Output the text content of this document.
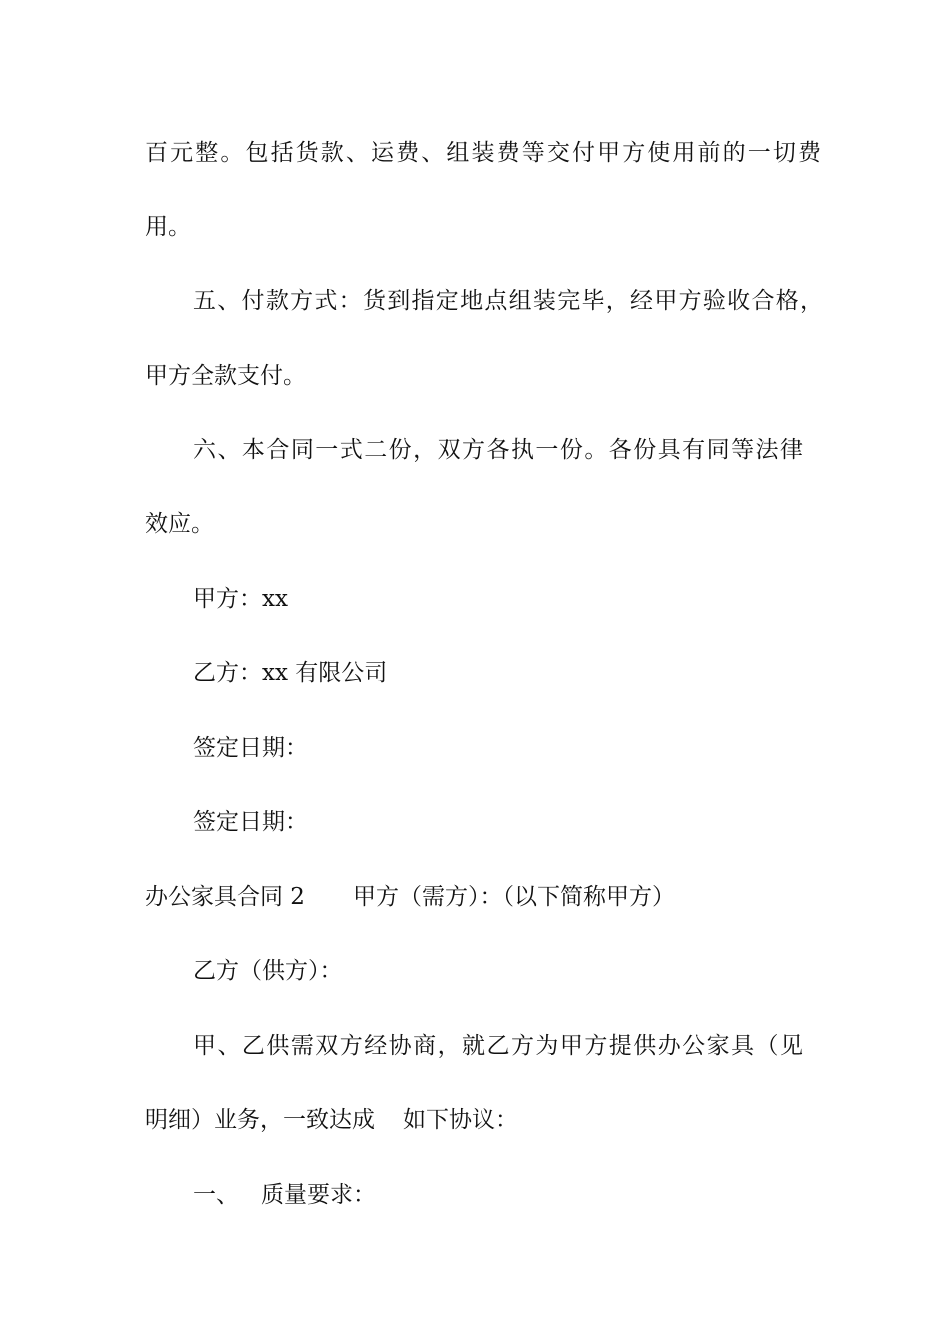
百元整。包括货款、运费、组装费等交付甲方使用前的一切费
用。
五、付款方式：货到指定地点组装完毕，经甲方验收合格，
甲方全款支付。
六、本合同一式二份，双方各执一份。各份具有同等法律
效应。
甲方：xx
乙方：xx 有限公司
签定日期：
签定日期：
办公家具合同 2 甲方（需方）：（以下简称甲方）
乙方（供方）：
甲、乙供需双方经协商，就乙方为甲方提供办公家具（见
明细）业务，一致达成 如下协议：
一、 质量要求：
